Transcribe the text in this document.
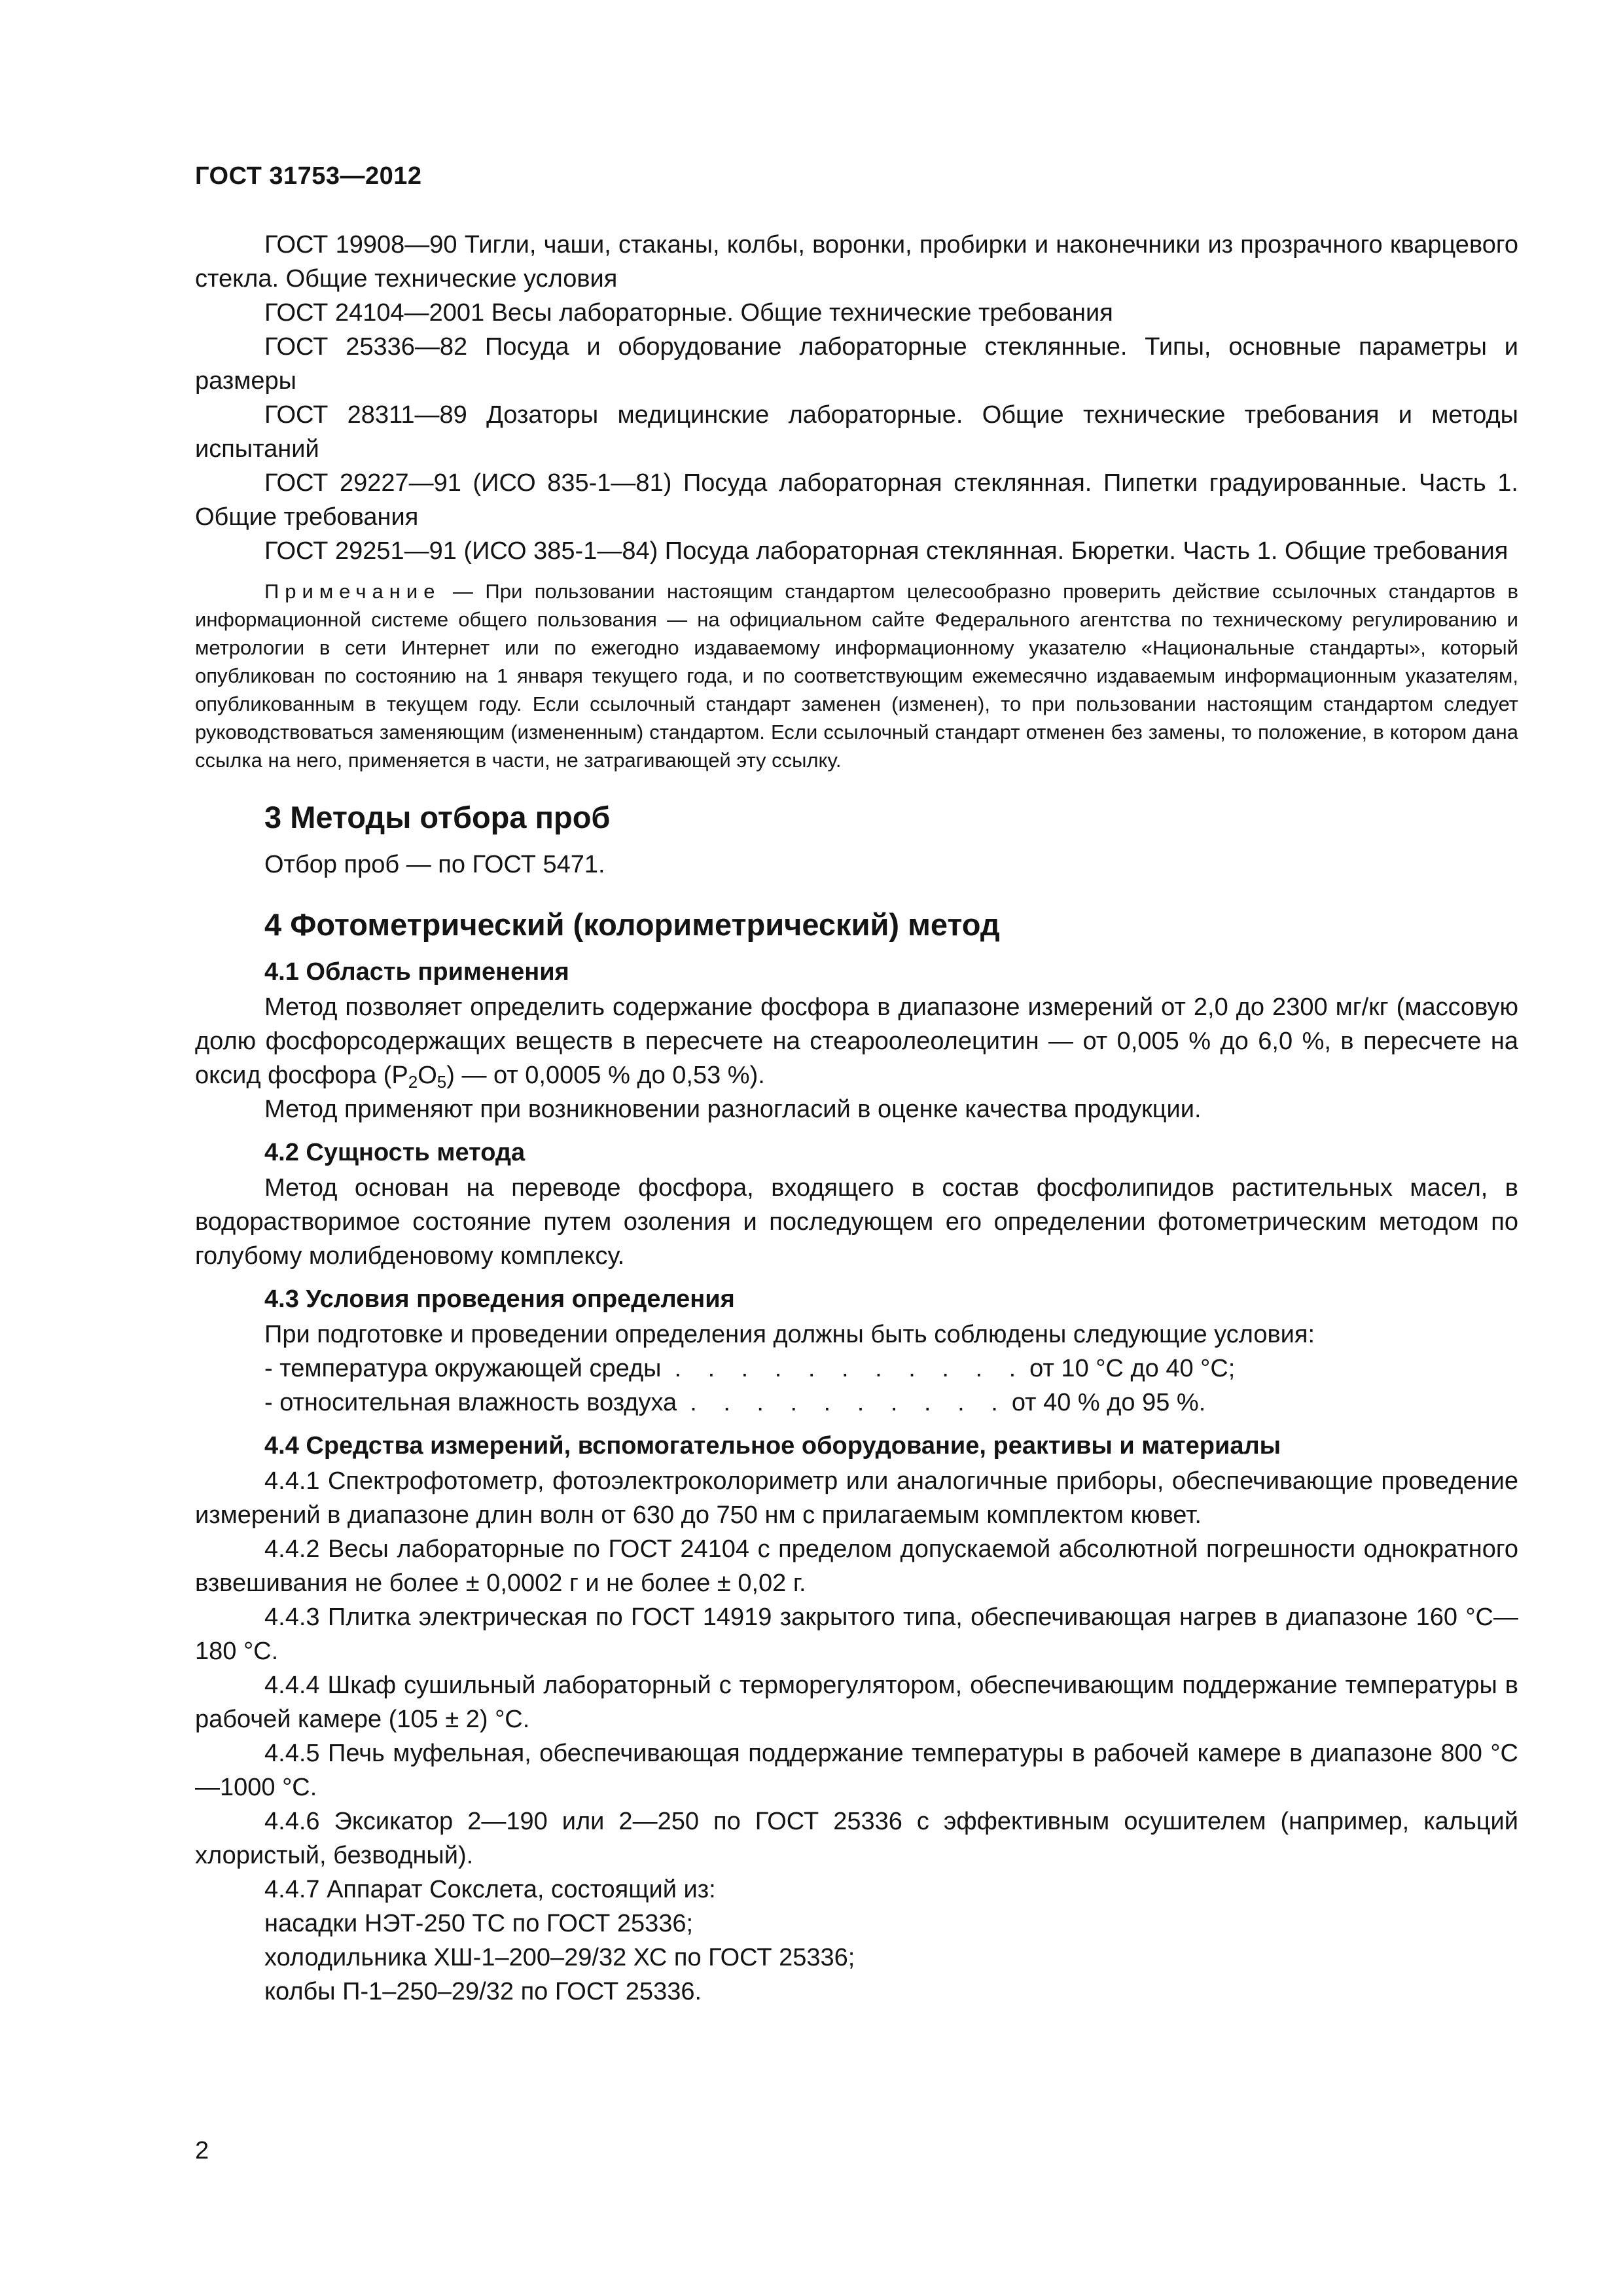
ГОСТ 31753—2012

ГОСТ 19908—90 Тигли, чаши, стаканы, колбы, воронки, пробирки и наконечники из прозрачного кварцевого стекла. Общие технические условия

ГОСТ 24104—2001 Весы лабораторные. Общие технические требования

ГОСТ 25336—82 Посуда и оборудование лабораторные стеклянные. Типы, основные параметры и размеры

ГОСТ 28311—89 Дозаторы медицинские лабораторные. Общие технические требования и методы испытаний

ГОСТ 29227—91 (ИСО 835-1—81) Посуда лабораторная стеклянная. Пипетки градуированные. Часть 1. Общие требования

ГОСТ 29251—91 (ИСО 385-1—84) Посуда лабораторная стеклянная. Бюретки. Часть 1. Общие требования

Примечание — При пользовании настоящим стандартом целесообразно проверить действие ссылочных стандартов в информационной системе общего пользования — на официальном сайте Федерального агентства по техническому регулированию и метрологии в сети Интернет или по ежегодно издаваемому информационному указателю «Национальные стандарты», который опубликован по состоянию на 1 января текущего года, и по соответствующим ежемесячно издаваемым информационным указателям, опубликованным в текущем году. Если ссылочный стандарт заменен (изменен), то при пользовании настоящим стандартом следует руководствоваться заменяющим (измененным) стандартом. Если ссылочный стандарт отменен без замены, то положение, в котором дана ссылка на него, применяется в части, не затрагивающей эту ссылку.
3 Методы отбора проб

Отбор проб — по ГОСТ 5471.

4 Фотометрический (колориметрический) метод
4.1 Область применения

Метод позволяет определить содержание фосфора в диапазоне измерений от 2,0 до 2300 мг/кг (массовую долю фосфорсодержащих веществ в пересчете на стеароолеолецитин — от 0,005 % до 6,0 %, в пересчете на оксид фосфора $(P_2O_5)$ — от 0,0005 % до 0,53 %).

Метод применяют при возникновении разногласий в оценке качества продукции.

4.2 Сущность метода

Метод основан на переводе фосфора, входящего в состав фосфолипидов растительных масел, в водорастворимое состояние путем озоления и последующем его определении фотометрическим методом по голубому молибденовому комплексу.

4.3 Условия проведения определения

При подготовке и проведении определения должны быть соблюдены следующие условия:

- температура окружающей среды . . . . . . . . . . . от 10 °С до 40 °С;
- относительная влажность воздуха . . . . . . . . . . от 40 % до 95 %.
4.4 Средства измерений, вспомогательное оборудование, реактивы и материалы

4.4.1 Спектрофотометр, фотоэлектроколориметр или аналогичные приборы, обеспечивающие проведение измерений в диапазоне длин волн от 630 до 750 нм с прилагаемым комплектом кювет.

4.4.2 Весы лабораторные по ГОСТ 24104 с пределом допускаемой абсолютной погрешности однократного взвешивания не более ± 0,0002 г и не более ± 0,02 г.

4.4.3 Плитка электрическая по ГОСТ 14919 закрытого типа, обеспечивающая нагрев в диапазоне 160 °С—180 °С.

4.4.4 Шкаф сушильный лабораторный с терморегулятором, обеспечивающим поддержание температуры в рабочей камере (105 ± 2) °С.

4.4.5 Печь муфельная, обеспечивающая поддержание температуры в рабочей камере в диапазоне 800 °С—1000 °С.

4.4.6 Эксикатор 2—190 или 2—250 по ГОСТ 25336 с эффективным осушителем (например, кальций хлористый, безводный).

4.4.7 Аппарат Сокслета, состоящий из:

насадки НЭТ-250 ТС по ГОСТ 25336;

холодильника ХШ-1–200–29/32 ХС по ГОСТ 25336;

колбы П-1–250–29/32 по ГОСТ 25336.

2
